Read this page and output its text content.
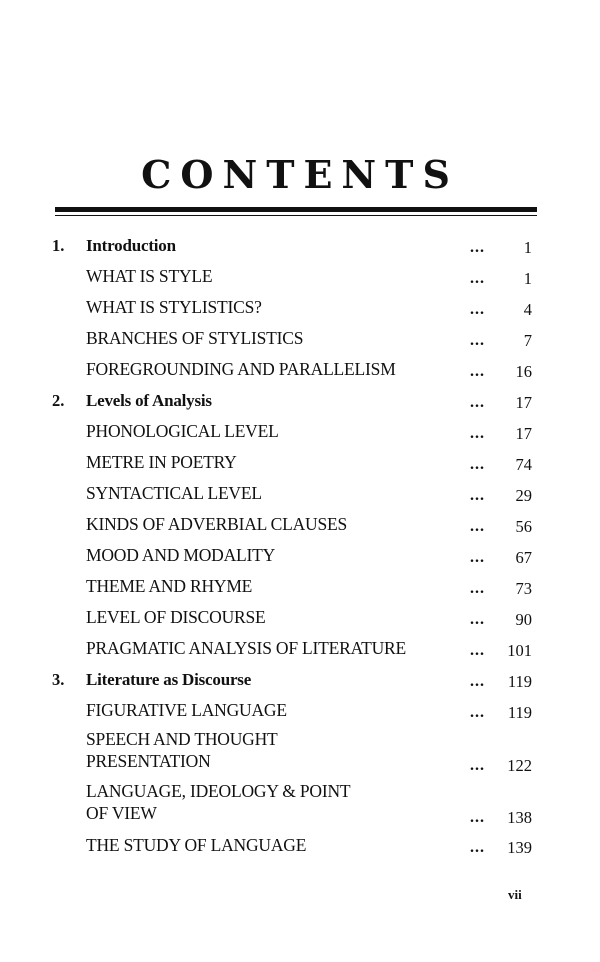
CONTENTS
1. Introduction	...	1
WHAT IS STYLE	...	1
WHAT IS STYLISTICS?	...	4
BRANCHES OF STYLISTICS	...	7
FOREGROUNDING AND PARALLELISM	...	16
2. Levels of Analysis	...	17
PHONOLOGICAL LEVEL	...	17
METRE IN POETRY	...	74
SYNTACTICAL LEVEL	...	29
KINDS OF ADVERBIAL CLAUSES	...	56
MOOD AND MODALITY	...	67
THEME AND RHYME	...	73
LEVEL OF DISCOURSE	...	90
PRAGMATIC ANALYSIS OF LITERATURE	...	101
3. Literature as Discourse	...	119
FIGURATIVE LANGUAGE	...	119
SPEECH AND THOUGHT
PRESENTATION	...	122
LANGUAGE, IDEOLOGY & POINT
OF VIEW	...	138
THE STUDY OF LANGUAGE	...	139
vii
